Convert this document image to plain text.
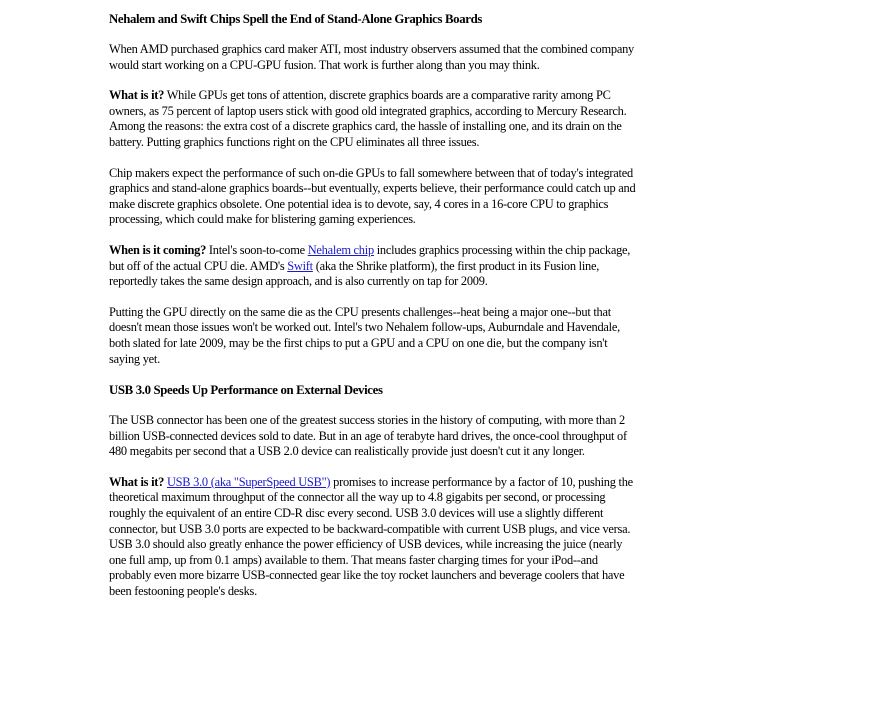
Nehalem and Swift Chips Spell the End of Stand-Alone Graphics Boards

When AMD purchased graphics card maker ATI, most industry observers assumed that the combined company would start working on a CPU-GPU fusion. That work is further along than you may think.

What is it? While GPUs get tons of attention, discrete graphics boards are a comparative rarity among PC owners, as 75 percent of laptop users stick with good old integrated graphics, according to Mercury Research. Among the reasons: the extra cost of a discrete graphics card, the hassle of installing one, and its drain on the battery. Putting graphics functions right on the CPU eliminates all three issues.

Chip makers expect the performance of such on-die GPUs to fall somewhere between that of today's integrated graphics and stand-alone graphics boards--but eventually, experts believe, their performance could catch up and make discrete graphics obsolete. One potential idea is to devote, say, 4 cores in a 16-core CPU to graphics processing, which could make for blistering gaming experiences.

When is it coming? Intel's soon-to-come Nehalem chip includes graphics processing within the chip package, but off of the actual CPU die. AMD's Swift (aka the Shrike platform), the first product in its Fusion line, reportedly takes the same design approach, and is also currently on tap for 2009.

Putting the GPU directly on the same die as the CPU presents challenges--heat being a major one--but that doesn't mean those issues won't be worked out. Intel's two Nehalem follow-ups, Auburndale and Havendale, both slated for late 2009, may be the first chips to put a GPU and a CPU on one die, but the company isn't saying yet.

USB 3.0 Speeds Up Performance on External Devices

The USB connector has been one of the greatest success stories in the history of computing, with more than 2 billion USB-connected devices sold to date. But in an age of terabyte hard drives, the once-cool throughput of 480 megabits per second that a USB 2.0 device can realistically provide just doesn't cut it any longer.

What is it? USB 3.0 (aka "SuperSpeed USB") promises to increase performance by a factor of 10, pushing the theoretical maximum throughput of the connector all the way up to 4.8 gigabits per second, or processing roughly the equivalent of an entire CD-R disc every second. USB 3.0 devices will use a slightly different connector, but USB 3.0 ports are expected to be backward-compatible with current USB plugs, and vice versa. USB 3.0 should also greatly enhance the power efficiency of USB devices, while increasing the juice (nearly one full amp, up from 0.1 amps) available to them. That means faster charging times for your iPod--and probably even more bizarre USB-connected gear like the toy rocket launchers and beverage coolers that have been festooning people's desks.
